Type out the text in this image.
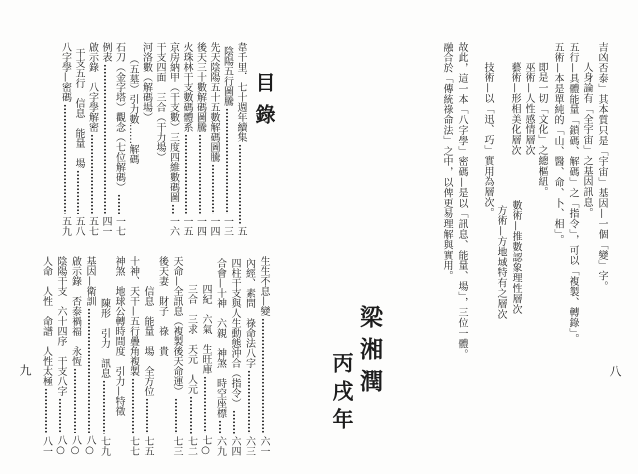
目錄
韋千里．七十週年續集
五
陰陽五行圖騰
一三
先天陰陽五十五數解碼圖騰
一四
後天三十數解碼圖騰
一四
火珠林干支數碼體系
一五
京房納甲（干支數）三度四維數碼圖
一六
干支四面　三合（干力場）
河洛數（解碼場）
（五墓）引力數……解碼
石刀（金字塔）觀念（七位解碼）
一七
例表
四一
啟示錄　八字學解密
五七
干支五行　信息　能量　場
五八
八字學—密碼
五九
生生不息—變
六一
內經、素問　祿命法八字
六三
四柱干支與人生動態沖合（指令）
六四
合會—十神　六親　神煞　時空座標
六九
四紀　六氣　生旺庫
七○
三合　三求　天元　人元
七二
天命—全訊息（複製後天命運）
七三
後天妻　財子　祿　貴
信息　能量　場　全方位
七五
十神、天干—五行疊角複製
七七
神煞　地球公轉時間度　引力—特徵
陳形　引力　訊息
七九
基因—衛訓
八○
啟示錄　否泰禍福　永恆
八○
陰陽干支　六十四序　干支八字
八○
人命　人性　命譜　人性太極
八一
九
吉凶否泰」其本質只是「宇宙」基因—一個「變」字。
人身論有「全宇宙」之基因訊息。
五行—具體能量「鎖碼、解碼」之「指令」，可以「複製、轉錄」。
五術—本是單純的「山、醫、命、卜、相」。
即是一切「文化」之總樞紐。
巫術—人性感情層次
數術—推數認象理性層次
藝術—形相美化層次
方術—方地域特有之層次
技術—以「迅、巧」實用為層次。
故此，這一本「八字學」密碼—是以「訊息、能量、場」，三位一體。
融合於「傳統祿命法」之中，以俾更易理解與實用。
梁湘潤
丙戌年	八
